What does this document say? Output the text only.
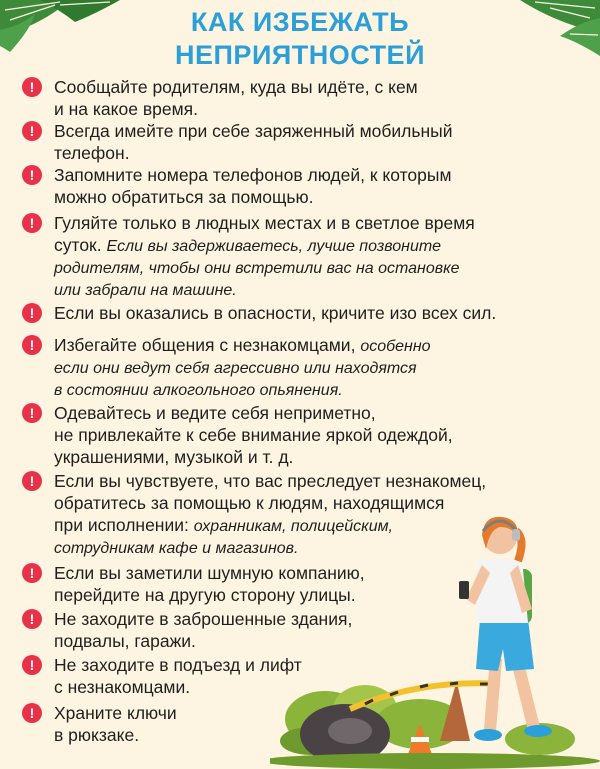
КАК ИЗБЕЖАТЬ
НЕПРИЯТНОСТЕЙ
!	Сообщайте родителям, куда вы идёте, с кем
и на какое время.
!	Всегда имейте при себе заряженный мобильный
телефон.
!	Запомните номера телефонов людей, к которым
можно обратиться за помощью.
!	Гуляйте только в людных местах и в светлое время
суток. Если вы задерживаетесь, лучше позвоните
родителям, чтобы они встретили вас на остановке
или забрали на машине.
!	Если вы оказались в опасности, кричите изо всех сил.
!	Избегайте общения с незнакомцами, особенно
если они ведут себя агрессивно или находятся
в состоянии алкогольного опьянения.
!	Одевайтесь и ведите себя неприметно,
не привлекайте к себе внимание яркой одеждой,
украшениями, музыкой и т. д.
!	Если вы чувствуете, что вас преследует незнакомец,
обратитесь за помощью к людям, находящимся
при исполнении: охранникам, полицейским,
сотрудникам кафе и магазинов.
!	Если вы заметили шумную компанию,
перейдите на другую сторону улицы.
!	Не заходите в заброшенные здания,
подвалы, гаражи.
!	Не заходите в подъезд и лифт
с незнакомцами.
!	Храните ключи
в рюкзаке.
